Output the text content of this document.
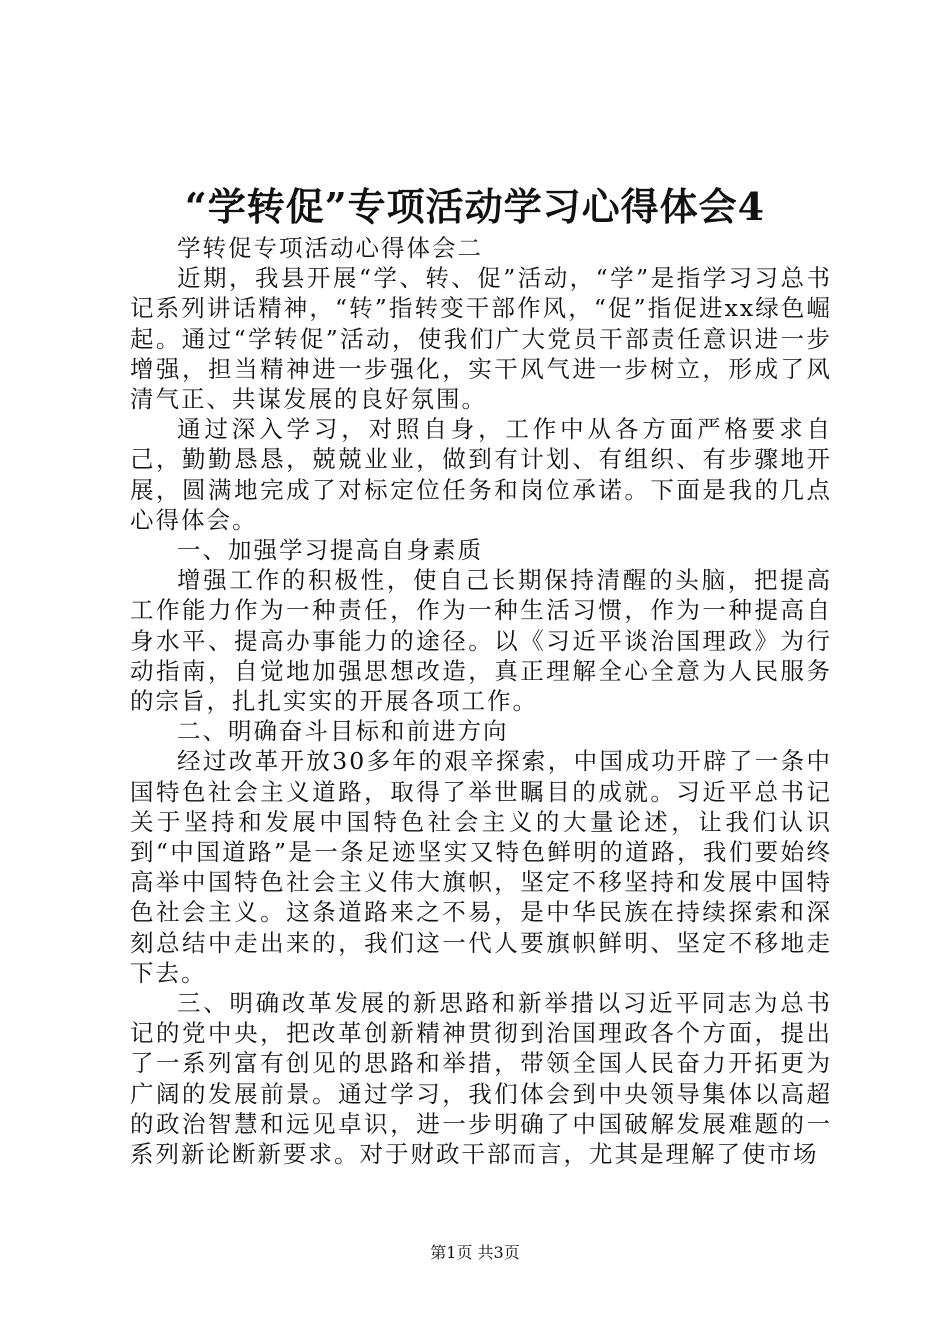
“学转促”专项活动学习心得体会4

学转促专项活动心得体会二

近期，我县开展“学、转、促”活动，“学”是指学习习总书记系列讲话精神，“转”指转变干部作风，“促”指促进xx绿色崛起。通过“学转促”活动，使我们广大党员干部责任意识进一步增强，担当精神进一步强化，实干风气进一步树立，形成了风清气正、共谋发展的良好氛围。

通过深入学习，对照自身，工作中从各方面严格要求自己，勤勤恳恳，兢兢业业，做到有计划、有组织、有步骤地开展，圆满地完成了对标定位任务和岗位承诺。下面是我的几点心得体会。

一、加强学习提高自身素质

增强工作的积极性，使自己长期保持清醒的头脑，把提高工作能力作为一种责任，作为一种生活习惯，作为一种提高自身水平、提高办事能力的途径。以《习近平谈治国理政》为行动指南，自觉地加强思想改造，真正理解全心全意为人民服务的宗旨，扎扎实实的开展各项工作。

二、明确奋斗目标和前进方向

经过改革开放30多年的艰辛探索，中国成功开辟了一条中国特色社会主义道路，取得了举世瞩目的成就。习近平总书记关于坚持和发展中国特色社会主义的大量论述，让我们认识到“中国道路”是一条足迹坚实又特色鲜明的道路，我们要始终高举中国特色社会主义伟大旗帜，坚定不移坚持和发展中国特色社会主义。这条道路来之不易，是中华民族在持续探索和深刻总结中走出来的，我们这一代人要旗帜鲜明、坚定不移地走下去。

三、明确改革发展的新思路和新举措以习近平同志为总书记的党中央，把改革创新精神贯彻到治国理政各个方面，提出了一系列富有创见的思路和举措，带领全国人民奋力开拓更为广阔的发展前景。通过学习，我们体会到中央领导集体以高超的政治智慧和远见卓识，进一步明确了中国破解发展难题的一系列新论断新要求。对于财政干部而言，尤其是理解了使市场

第1页 共3页
